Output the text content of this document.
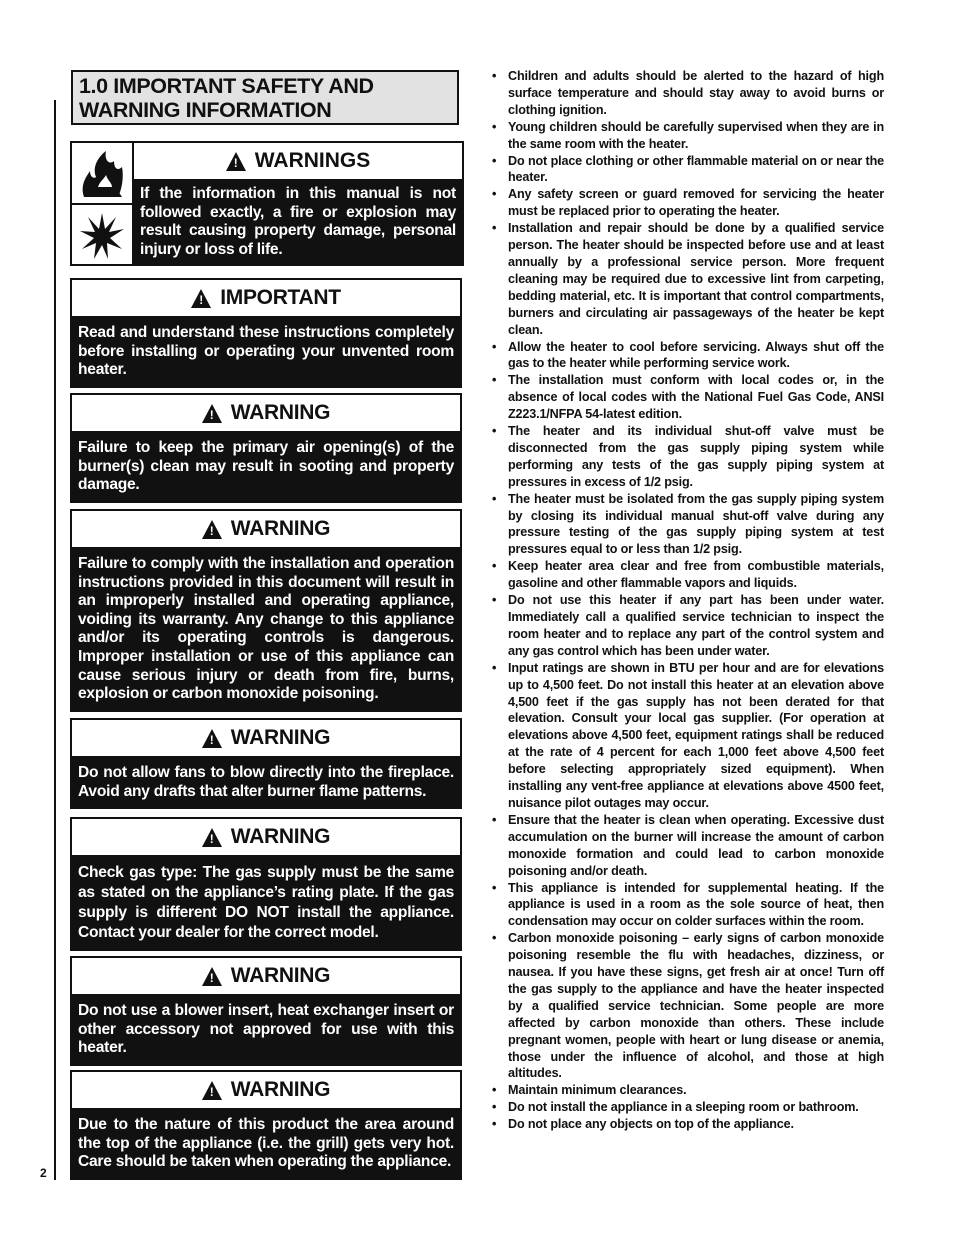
2
1.0 IMPORTANT SAFETY AND WARNING INFORMATION
! WARNINGS
If the information in this manual is not followed exactly, a fire or explosion may result causing property damage, personal injury or loss of life.
! IMPORTANT
Read and understand these instructions completely before installing or operating your unvented room heater.
! WARNING
Failure to keep the primary air opening(s) of the burner(s) clean may result in sooting and property damage.
! WARNING
Failure to comply with the installation and operation instructions provided in this document will result in an improperly installed and operating appliance, voiding its warranty. Any change to this appliance and/or its operating controls is dangerous. Improper installation or use of this appliance can cause serious injury or death from fire, burns, explosion or carbon monoxide poisoning.
! WARNING
Do not allow fans to blow directly into the fireplace. Avoid any drafts that alter burner flame patterns.
! WARNING
Check gas type: The gas supply must be the same as stated on the appliance’s rating plate. If the gas supply is different DO NOT install the appliance. Contact your dealer for the correct model.
! WARNING
Do not use a blower insert, heat exchanger insert or other accessory not approved for use with this heater.
! WARNING
Due to the nature of this product the area around the top of the appliance (i.e. the grill) gets very hot. Care should be taken when operating the appliance.
• Children and adults should be alerted to the hazard of high surface temperature and should stay away to avoid burns or clothing ignition.
• Young children should be carefully supervised when they are in the same room with the heater.
• Do not place clothing or other flammable material on or near the heater.
• Any safety screen or guard removed for servicing the heater must be replaced prior to operating the heater.
• Installation and repair should be done by a qualified service person. The heater should be inspected before use and at least annually by a professional service person. More frequent cleaning may be required due to excessive lint from carpeting, bedding material, etc. It is important that control compartments, burners and circulating air passageways of the heater be kept clean.
• Allow the heater to cool before servicing. Always shut off the gas to the heater while performing service work.
• The installation must conform with local codes or, in the absence of local codes with the National Fuel Gas Code, ANSI Z223.1/NFPA 54-latest edition.
• The heater and its individual shut-off valve must be disconnected from the gas supply piping system while performing any tests of the gas supply piping system at pressures in excess of 1/2 psig.
• The heater must be isolated from the gas supply piping system by closing its individual manual shut-off valve during any pressure testing of the gas supply piping system at test pressures equal to or less than 1/2 psig.
• Keep heater area clear and free from combustible materials, gasoline and other flammable vapors and liquids.
• Do not use this heater if any part has been under water. Immediately call a qualified service technician to inspect the room heater and to replace any part of the control system and any gas control which has been under water.
• Input ratings are shown in BTU per hour and are for elevations up to 4,500 feet. Do not install this heater at an elevation above 4,500 feet if the gas supply has not been derated for that elevation. Consult your local gas supplier. (For operation at elevations above 4,500 feet, equipment ratings shall be reduced at the rate of 4 percent for each 1,000 feet above 4,500 feet before selecting appropriately sized equipment). When installing any vent-free appliance at elevations above 4500 feet, nuisance pilot outages may occur.
• Ensure that the heater is clean when operating. Excessive dust accumulation on the burner will increase the amount of carbon monoxide formation and could lead to carbon monoxide poisoning and/or death.
• This appliance is intended for supplemental heating. If the appliance is used in a room as the sole source of heat, then condensation may occur on colder surfaces within the room.
• Carbon monoxide poisoning – early signs of carbon monoxide poisoning resemble the flu with headaches, dizziness, or nausea. If you have these signs, get fresh air at once! Turn off the gas supply to the appliance and have the heater inspected by a qualified service technician. Some people are more affected by carbon monoxide than others. These include pregnant women, people with heart or lung disease or anemia, those under the influence of alcohol, and those at high altitudes.
• Maintain minimum clearances.
• Do not install the appliance in a sleeping room or bathroom.
• Do not place any objects on top of the appliance.
